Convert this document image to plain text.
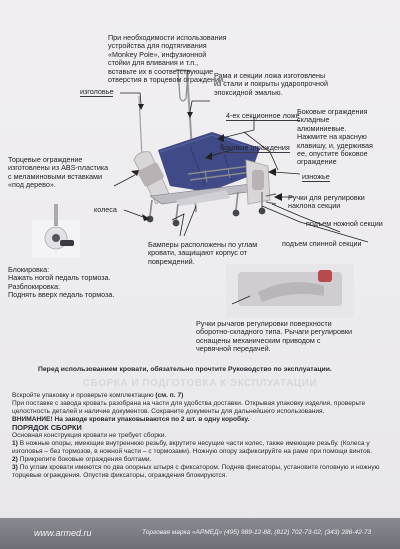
При необходимости использования устройства для подтягивания «Monkey Pole», инфузионной стойки для вливания и т.п., вставьте их в соответствующие отверстия в торцевом ограждении.
изголовье
Рама и секции ложа изготовлены из стали и покрыты ударопрочной эпоксидной эмалью.
4-ех секционное ложе
боковые ограждения
Боковые ограждения складные алюминиевые. Нажмите на красную клавишу, и, удерживая ее, опустите боковое ограждение
Торцевые ограждение изготовлены из ABS-пластика с меламиновыми вставками «под дерево».
изножье
Ручки для регулировки наклона секции
колеса
подъем ножной секции
Бамперы расположены по углам кровати, защищают корпус от повреждений.
подъем спинной секции
Блокировка:
Нажать ногой педаль тормоза.
Разблокировка:
Поднять вверх педаль тормоза.
Ручки рычагов регулировки поверхности оборотно-складного типа. Рычаги регулировки оснащены механическим приводом с червячной передачей.
Перед использованием кровати, обязательно прочтите Руководство по эксплуатации.
СБОРКА И ПОДГОТОВКА К ЭКСПЛУАТАЦИИ
Вскройте упаковку и проверьте комплектацию (см. п. 7)
При поставке с завода кровать разобрана на части для удобства доставки. Открывая упаковку изделия, проверьте целостность деталей и наличие документов. Сохраните документы для дальнейшего использования.
ВНИМАНИЕ! На заводе кровати упаковываются по 2 шт. в одну коробку.
ПОРЯДОК СБОРКИ
Основная конструкция кровати не требует сборки.
1) В ножные опоры, имеющие внутреннюю резьбу, вкрутите несущие части колес, также имеющие резьбу. (Колеса у изголовья – без тормозов, в ножной части – с тормозами). Ножную опору зафиксируйте на раме при помощи винтов.
2) Прикрепите боковые ограждения болтами.
3) По углам кровати имеются по два опорных штыря с фиксатором. Подняв фиксаторы, установите головную и ножную торцевые ограждения. Опустив фиксаторы, ограждения блокируются.
www.armed.ru	Торговая марка «АРМЕД» (495) 989-12-88, (812) 702-73-02, (343) 286-42-73
